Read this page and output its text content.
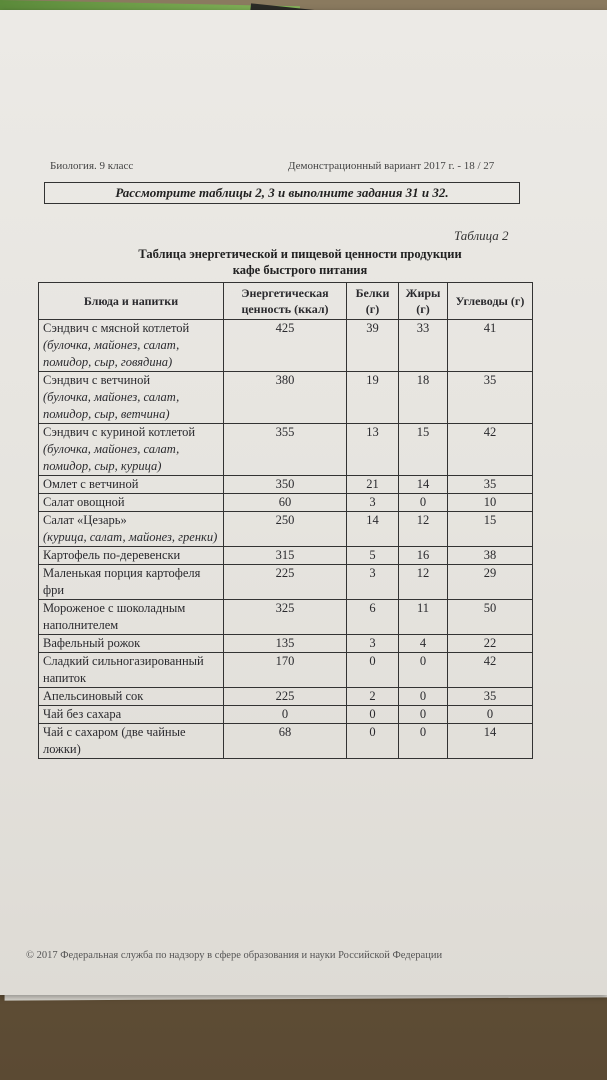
Биология. 9 класс	Демонстрационный вариант 2017 г. - 18 / 27
Рассмотрите таблицы 2, 3 и выполните задания 31 и 32.
Таблица 2
Таблица энергетической и пищевой ценности продукции
кафе быстрого питания
Блюда и напитки	Энергетическая ценность (ккал)	Белки (г)	Жиры (г)	Углеводы (г)

Сэндвич с мясной котлетой
(булочка, майонез, салат, помидор, сыр, говядина)	425	39	33	41

Сэндвич с ветчиной
(булочка, майонез, салат, помидор, сыр, ветчина)	380	19	18	35

Сэндвич с куриной котлетой
(булочка, майонез, салат, помидор, сыр, курица)	355	13	15	42

Омлет с ветчиной	350	21	14	35

Салат овощной	60	3	0	10

Салат «Цезарь»
(курица, салат, майонез, гренки)	250	14	12	15

Картофель по-деревенски	315	5	16	38

Маленькая порция картофеля фри	225	3	12	29

Мороженое с шоколадным наполнителем	325	6	11	50

Вафельный рожок	135	3	4	22

Сладкий сильногазированный напиток	170	0	0	42

Апельсиновый сок	225	2	0	35

Чай без сахара	0	0	0	0

Чай с сахаром (две чайные ложки)	68	0	0	14
© 2017 Федеральная служба по надзору в сфере образования и науки Российской Федерации
